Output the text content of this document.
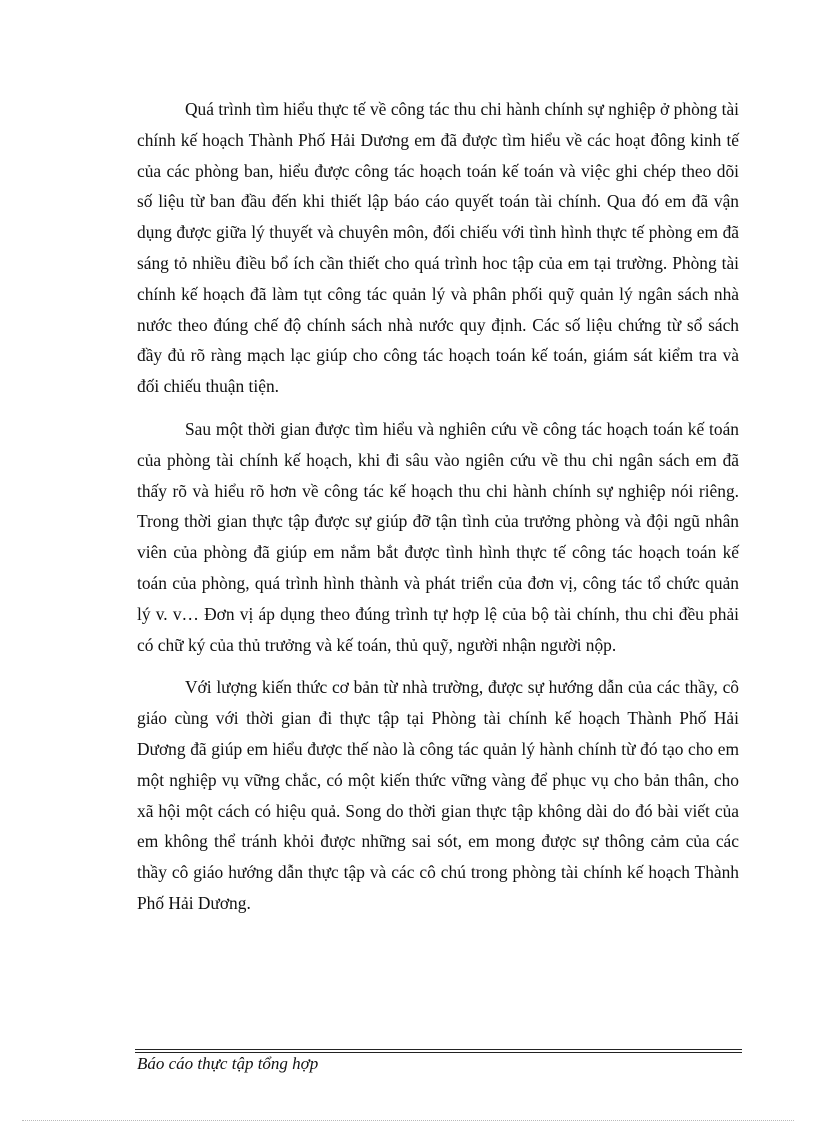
Quá trình tìm hiểu thực tế về công tác thu chi hành chính sự nghiệp ở phòng tài chính kế hoạch Thành Phố Hải Dương em đã được tìm hiểu về các hoạt đông kinh tế của các phòng ban, hiểu được công tác hoạch toán kế toán và việc ghi chép theo dõi số liệu từ ban đầu đến khi thiết lập báo cáo quyết toán tài chính. Qua đó em đã vận dụng được giữa lý thuyết và chuyên môn, đối chiếu với tình hình thực tế phòng em đã sáng tỏ nhiều điều bổ ích cần thiết cho quá trình hoc tập của em tại trường. Phòng tài chính kế hoạch đã làm tụt công tác quản lý và phân phối quỹ quản lý ngân sách nhà nước theo đúng chế độ chính sách nhà nước quy định. Các số liệu chứng từ sổ sách đầy đủ rõ ràng mạch lạc giúp cho công tác hoạch toán kế toán, giám sát kiểm tra và đối chiếu thuận tiện.

Sau một thời gian được tìm hiểu và nghiên cứu về công tác hoạch toán kế toán của phòng tài chính kế hoạch, khi đi sâu vào ngiên cứu về thu chi ngân sách em đã thấy rõ và hiểu rõ hơn về công tác kế hoạch thu chi hành chính sự nghiệp nói riêng. Trong thời gian thực tập được sự giúp đỡ tận tình của trưởng phòng và đội ngũ nhân viên của phòng đã giúp em nắm bắt được tình hình thực tế công tác hoạch toán kế toán của phòng, quá trình hình thành và phát triển của đơn vị, công tác tổ chức quản lý v. v… Đơn vị áp dụng theo đúng trình tự hợp lệ của bộ tài chính, thu chi đều phải có chữ ký của thủ trưởng và kế toán, thủ quỹ, người nhận người nộp.

Với lượng kiến thức cơ bản từ nhà trường, được sự hướng dẫn của các thầy, cô giáo cùng với thời gian đi thực tập tại Phòng tài chính kế hoạch Thành Phố Hải Dương đã giúp em hiểu được thế nào là công tác quản lý hành chính từ đó tạo cho em một nghiệp vụ vững chắc, có một kiến thức vững vàng để phục vụ cho bản thân, cho xã hội một cách có hiệu quả. Song do thời gian thực tập không dài do đó bài viết của em không thể tránh khỏi được những sai sót, em mong được sự thông cảm của các thầy cô giáo hướng dẫn thực tập và các cô chú trong phòng tài chính kế hoạch Thành Phố Hải Dương.

Báo cáo thực tập tổng hợp
